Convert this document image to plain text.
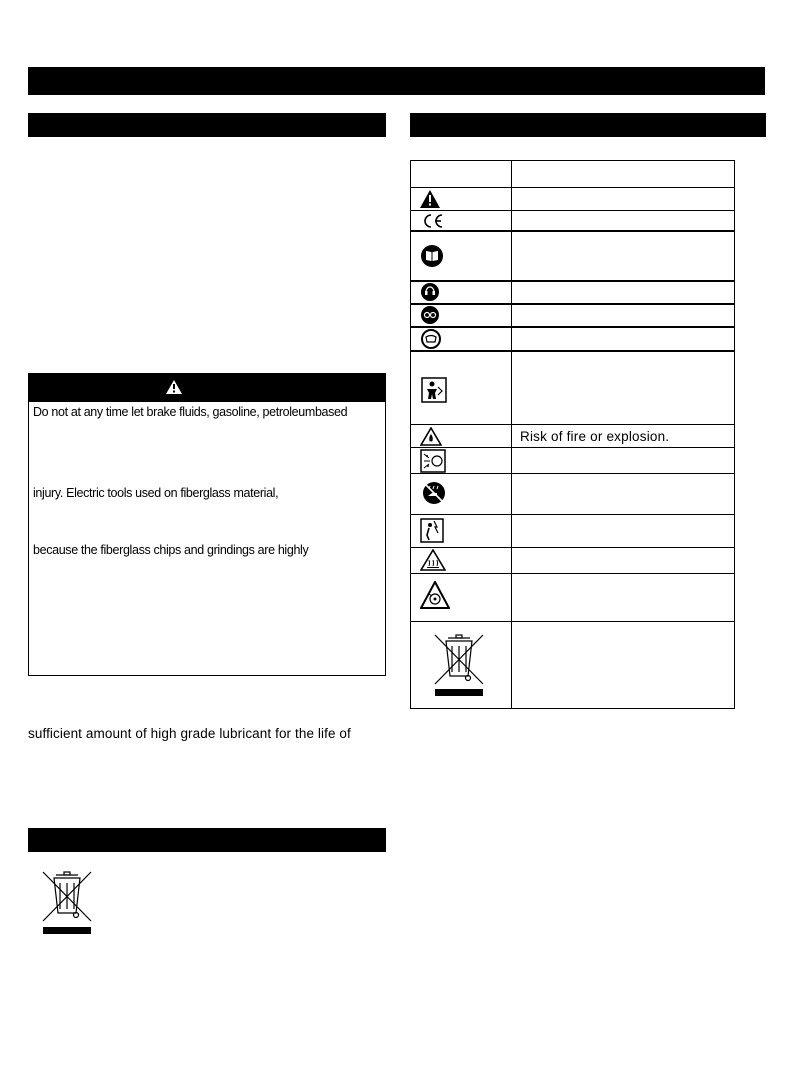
Do not at any time let brake fluids, gasoline, petroleumbased
injury. Electric tools used on fiberglass material,
because the fiberglass chips and grindings are highly
sufficient amount of high grade lubricant for the life of
Risk of fire or explosion.
